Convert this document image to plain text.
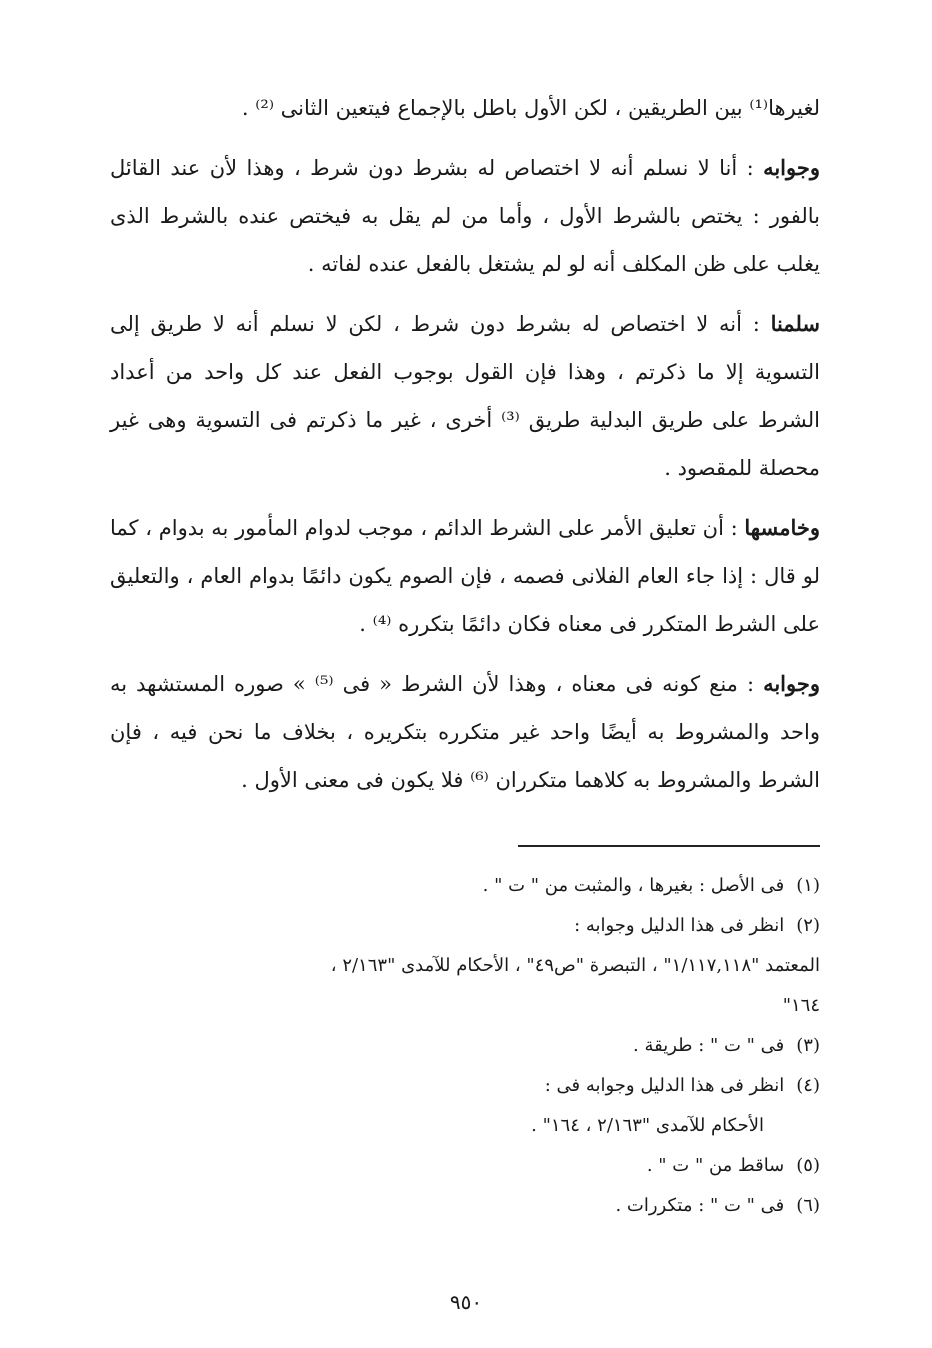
لغيرها⁽¹⁾ بين الطريقين ، لكن الأول باطل بالإجماع فيتعين الثانى ⁽²⁾ .

وجوابه : أنا لا نسلم أنه لا اختصاص له بشرط دون شرط ، وهذا لأن عند القائل بالفور : يختص بالشرط الأول ، وأما من لم يقل به فيختص عنده بالشرط الذى يغلب على ظن المكلف أنه لو لم يشتغل بالفعل عنده لفاته .

سلمنا : أنه لا اختصاص له بشرط دون شرط ، لكن لا نسلم أنه لا طريق إلى التسوية إلا ما ذكرتم ، وهذا فإن القول بوجوب الفعل عند كل واحد من أعداد الشرط على طريق البدلية طريق ⁽³⁾ أخرى ، غير ما ذكرتم فى التسوية وهى غير محصلة للمقصود .

وخامسها : أن تعليق الأمر على الشرط الدائم ، موجب لدوام المأمور به بدوام ، كما لو قال : إذا جاء العام الفلانى فصمه ، فإن الصوم يكون دائمًا بدوام العام ، والتعليق على الشرط المتكرر فى معناه فكان دائمًا بتكرره ⁽⁴⁾ .

وجوابه : منع كونه فى معناه ، وهذا لأن الشرط « فى ⁽⁵⁾ » صوره المستشهد به واحد والمشروط به أيضًا واحد غير متكرره بتكريره ، بخلاف ما نحن فيه ، فإن الشرط والمشروط به كلاهما متكرران ⁽⁶⁾ فلا يكون فى معنى الأول .

(١) فى الأصل : بغيرها ، والمثبت من " ت " .
(٢) انظر فى هذا الدليل وجوابه :
المعتمد "١/١١٧,١١٨" ، التبصرة "ص٤٩" ، الأحكام للآمدى "٢/١٦٣ ،
١٦٤"
(٣) فى " ت " : طريقة .
(٤) انظر فى هذا الدليل وجوابه فى :
الأحكام للآمدى "٢/١٦٣ ، ١٦٤" .
(٥) ساقط من " ت " .
(٦) فى " ت " : متكررات .
٩٥٠
